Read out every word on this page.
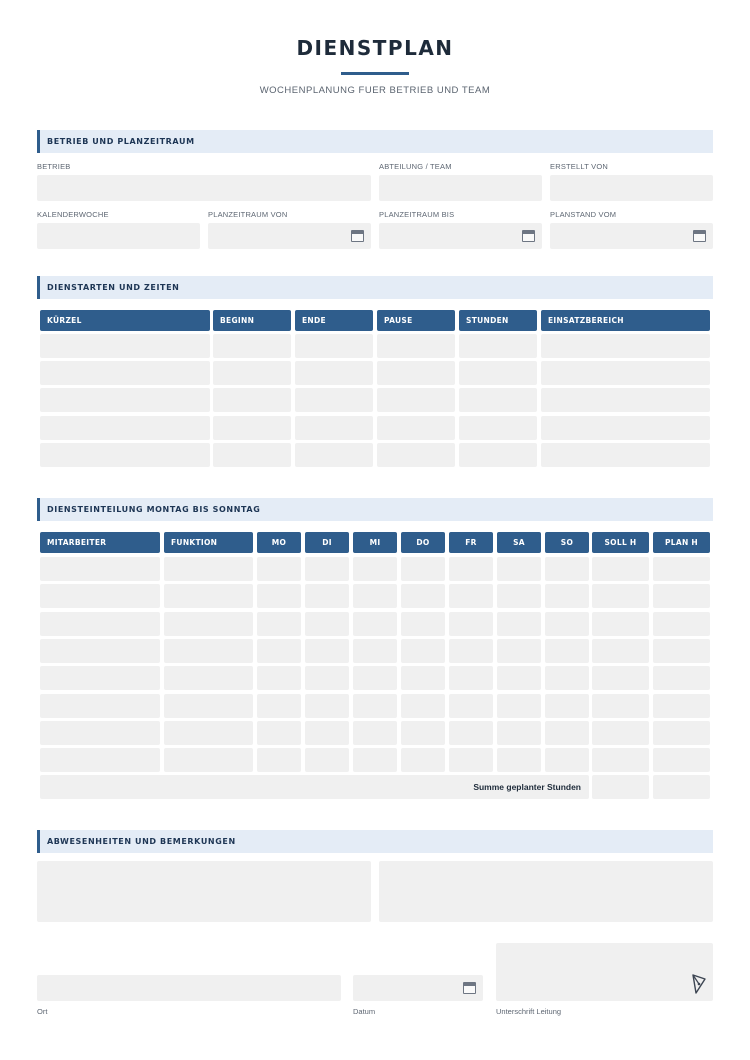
DIENSTPLAN
WOCHENPLANUNG FUER BETRIEB UND TEAM
BETRIEB UND PLANZEITRAUM
BETRIEB	ABTEILUNG / TEAM	ERSTELLT VON
KALENDERWOCHE	PLANZEITRAUM VON	PLANZEITRAUM BIS	PLANSTAND VOM
DIENSTARTEN UND ZEITEN
KÜRZEL	BEGINN	ENDE	PAUSE	STUNDEN	EINSATZBEREICH
DIENSTEINTEILUNG MONTAG BIS SONNTAG
MITARBEITER	FUNKTION	MO	DI	MI	DO	FR	SA	SO	SOLL H	PLAN H
Summe geplanter Stunden
ABWESENHEITEN UND BEMERKUNGEN
Ort	Datum	Unterschrift Leitung
